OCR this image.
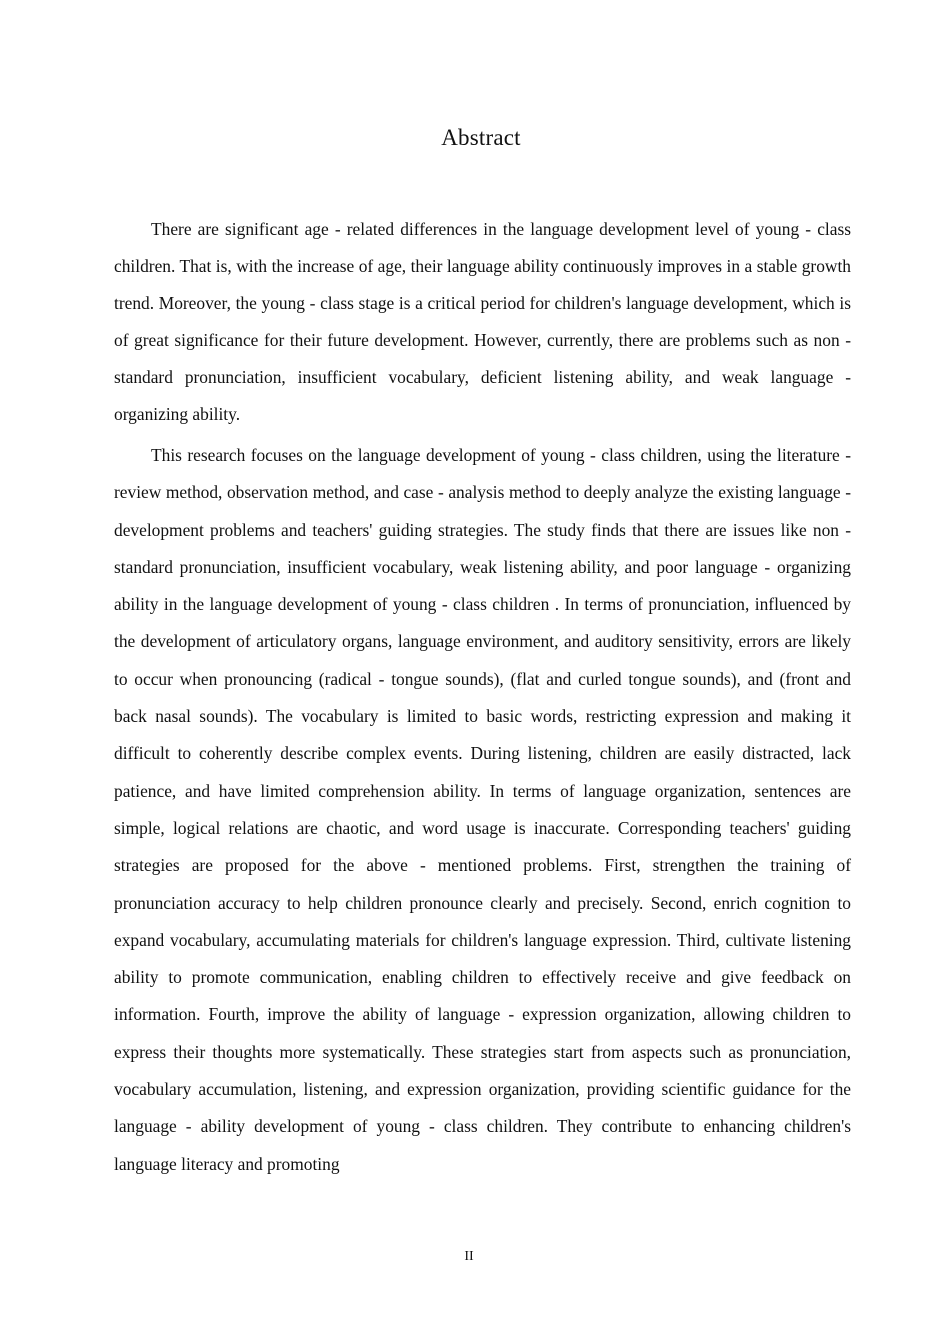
Abstract

There are significant age - related differences in the language development level of young - class children. That is, with the increase of age, their language ability continuously improves in a stable growth trend. Moreover, the young - class stage is a critical period for children's language development, which is of great significance for their future development. However, currently, there are problems such as non - standard pronunciation, insufficient vocabulary, deficient listening ability, and weak language - organizing ability.

This research focuses on the language development of young - class children, using the literature - review method, observation method, and case - analysis method to deeply analyze the existing language - development problems and teachers' guiding strategies. The study finds that there are issues like non - standard pronunciation, insufficient vocabulary, weak listening ability, and poor language - organizing ability in the language development of young - class children . In terms of pronunciation, influenced by the development of articulatory organs, language environment, and auditory sensitivity, errors are likely to occur when pronouncing (radical - tongue sounds), (flat and curled tongue sounds), and (front and back nasal sounds). The vocabulary is limited to basic words, restricting expression and making it difficult to coherently describe complex events. During listening, children are easily distracted, lack patience, and have limited comprehension ability. In terms of language organization, sentences are simple, logical relations are chaotic, and word usage is inaccurate. Corresponding teachers' guiding strategies are proposed for the above - mentioned problems. First, strengthen the training of pronunciation accuracy to help children pronounce clearly and precisely. Second, enrich cognition to expand vocabulary, accumulating materials for children's language expression. Third, cultivate listening ability to promote communication, enabling children to effectively receive and give feedback on information. Fourth, improve the ability of language - expression organization, allowing children to express their thoughts more systematically. These strategies start from aspects such as pronunciation, vocabulary accumulation, listening, and expression organization, providing scientific guidance for the language - ability development of young - class children. They contribute to enhancing children's language literacy and promoting

II
